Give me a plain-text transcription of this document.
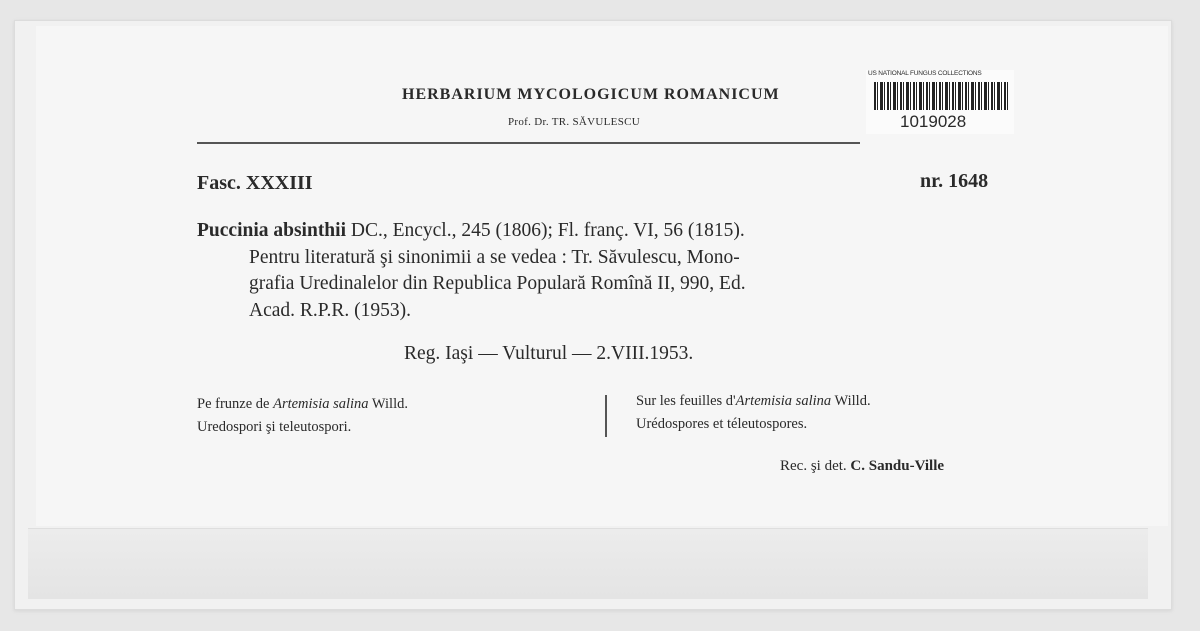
HERBARIUM MYCOLOGICUM ROMANICUM
Prof. Dr. TR. SĂVULESCU
US NATIONAL FUNGUS COLLECTIONS
1019028
Fasc. XXXIII	nr. 1648
Puccinia absinthii DC., Encycl., 245 (1806); Fl. franç. VI, 56 (1815).
Pentru literatură şi sinonimii a se vedea : Tr. Săvulescu, Mono-
grafia Uredinalelor din Republica Populară Romînă II, 990, Ed.
Acad. R.P.R. (1953).
Reg. Iaşi — Vulturul — 2.VIII.1953.
Pe frunze de Artemisia salina Willd.
Uredospori şi teleutospori.
Sur les feuilles d'Artemisia salina Willd.
Urédospores et téleutospores.
Rec. şi det. C. Sandu-Ville
